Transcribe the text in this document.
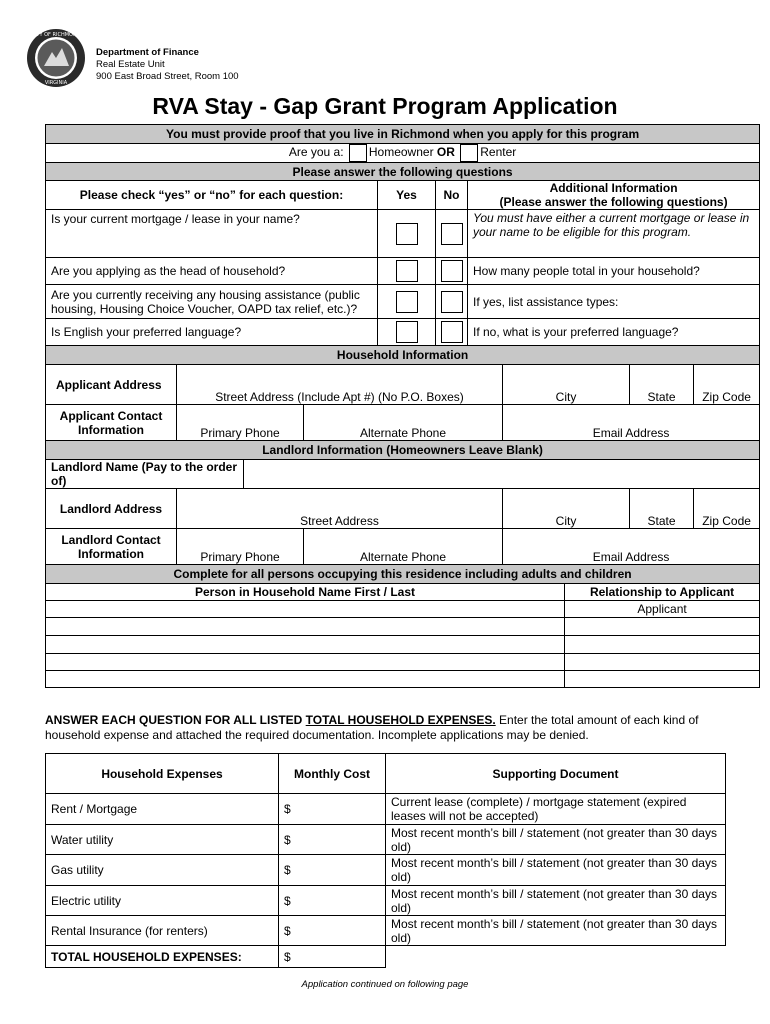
CITY OF RICHMOND
VIRGINIA
Department of Finance
Real Estate Unit
900 East Broad Street, Room 100
RVA Stay - Gap Grant Program Application
You must provide proof that you live in Richmond when you apply for this program										
Are you a: Homeowner OR Renter										
Please answer the following questions										
Please check “yes” or “no” for each question:				Yes	No	Additional Information
(Please answer the following questions)				

Is your current mortgage / lease in your name?						You must have either a current mortgage or lease in your name to be eligible for this program.				
Are you applying as the head of household?						How many people total in your household?				
Are you currently receiving any housing assistance (public housing, Housing Choice Voucher, OAPD tax relief, etc.)?						If yes, list assistance types:				
Is English your preferred language?						If no, what is your preferred language?				
Household Information										
Applicant Address										
	Street Address (Include Apt #) (No P.O. Boxes)						City		State	Zip Code
Applicant Contact Information										
	Primary Phone		Alternate Phone				Email Address			
Landlord Information (Homeowners Leave Blank)										
Landlord Name (Pay to the order of)										
Landlord Address										
	Street Address						City		State	Zip Code
Landlord Contact Information										
	Primary Phone		Alternate Phone				Email Address			
Complete for all persons occupying this residence including adults and children										
Person in Household Name First / Last								Relationship to Applicant		
								Applicant		

ANSWER EACH QUESTION FOR ALL LISTED TOTAL HOUSEHOLD EXPENSES. Enter the total amount of each kind of household expense and attached the required documentation. Incomplete applications may be denied.
Household Expenses	Monthly Cost	Supporting Document
Rent / Mortgage	$	Current lease (complete) / mortgage statement (expired leases will not be accepted)
Water utility	$	Most recent month’s bill / statement (not greater than 30 days old)
Gas utility	$	Most recent month’s bill / statement (not greater than 30 days old)
Electric utility	$	Most recent month’s bill / statement (not greater than 30 days old)
Rental Insurance (for renters)	$	Most recent month’s bill / statement (not greater than 30 days old)
TOTAL HOUSEHOLD EXPENSES:	$	
Application continued on following page
